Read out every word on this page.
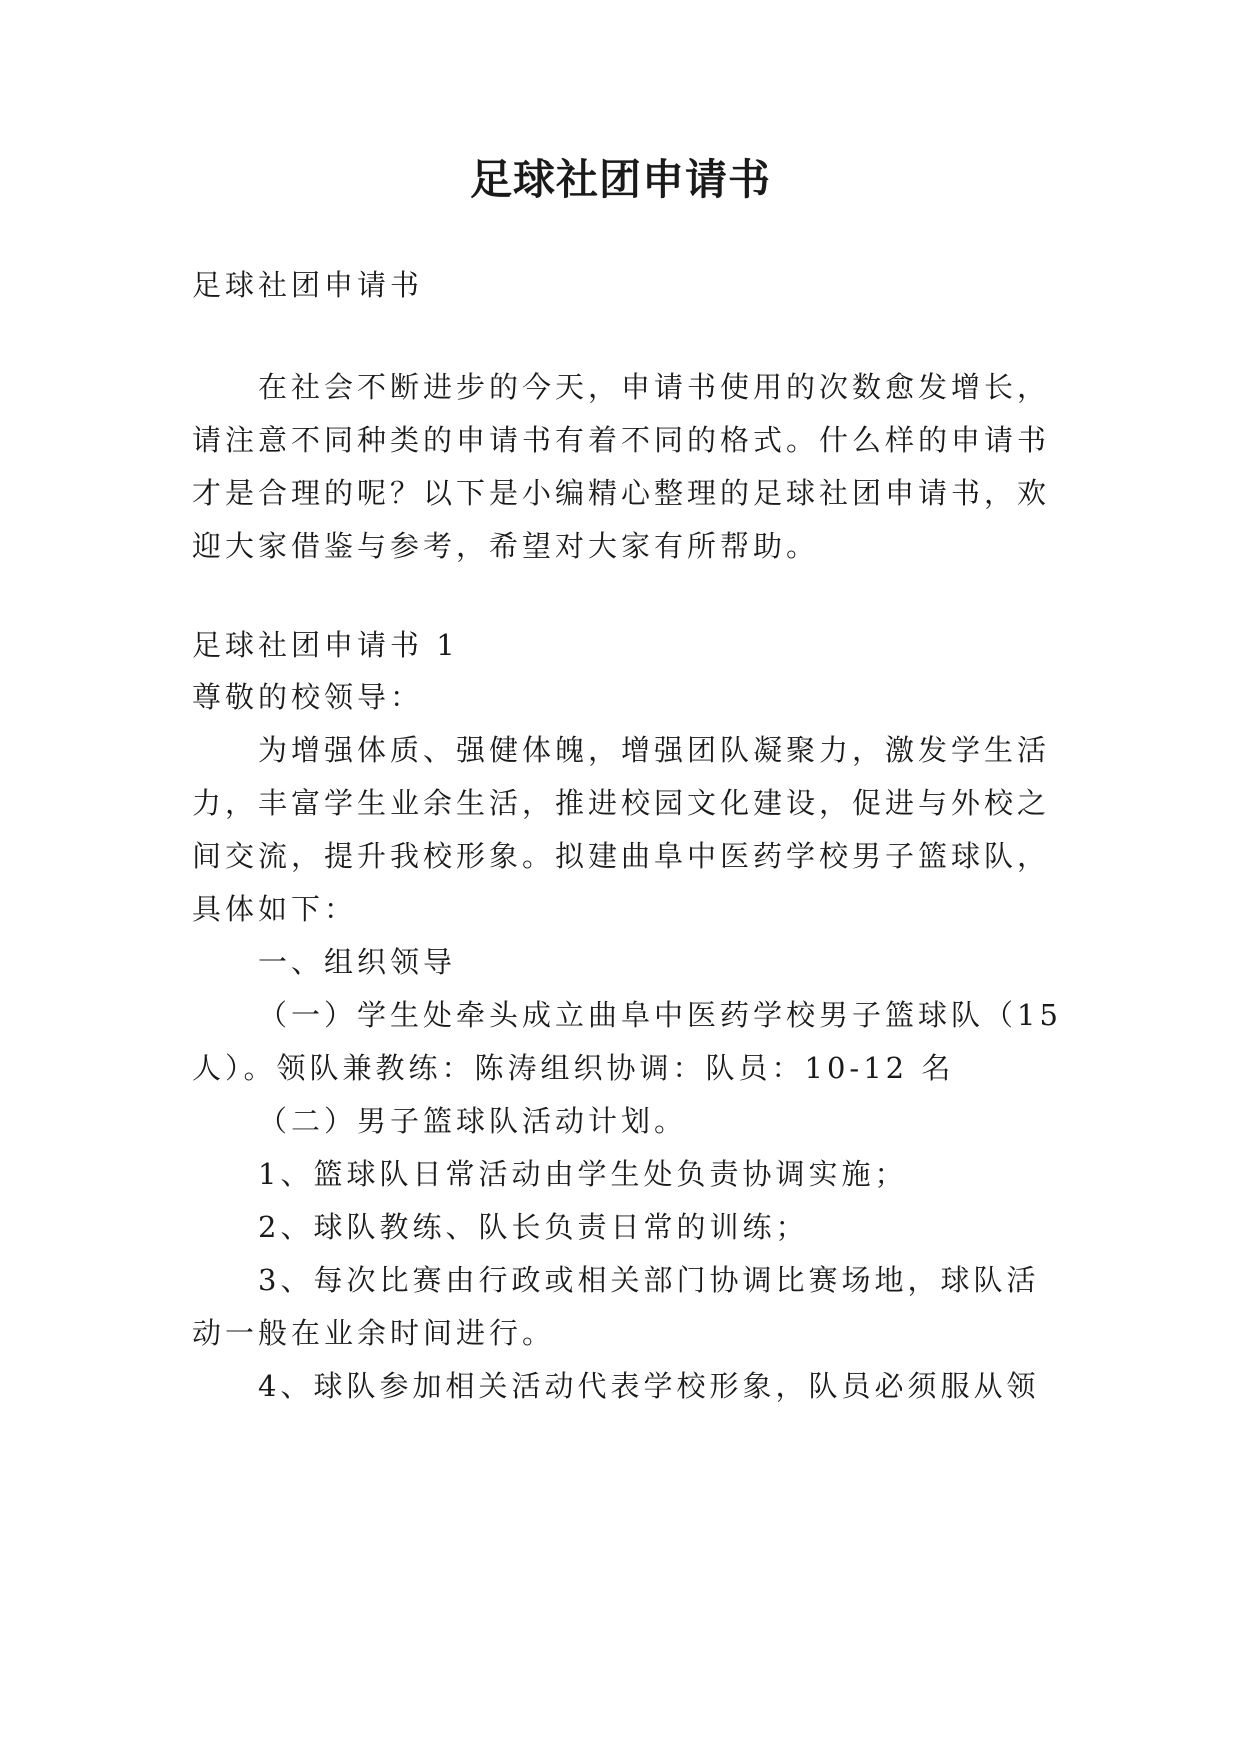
足球社团申请书
足球社团申请书
在社会不断进步的今天，申请书使用的次数愈发增长，
请注意不同种类的申请书有着不同的格式。什么样的申请书
才是合理的呢？以下是小编精心整理的足球社团申请书，欢
迎大家借鉴与参考，希望对大家有所帮助。
足球社团申请书 1
尊敬的校领导：
为增强体质、强健体魄，增强团队凝聚力，激发学生活
力，丰富学生业余生活，推进校园文化建设，促进与外校之
间交流，提升我校形象。拟建曲阜中医药学校男子篮球队，
具体如下：
一、组织领导
（一）学生处牵头成立曲阜中医药学校男子篮球队（15
人）。领队兼教练：陈涛组织协调：队员：10-12 名
（二）男子篮球队活动计划。
1、篮球队日常活动由学生处负责协调实施；
2、球队教练、队长负责日常的训练；
3、每次比赛由行政或相关部门协调比赛场地，球队活
动一般在业余时间进行。
4、球队参加相关活动代表学校形象，队员必须服从领
